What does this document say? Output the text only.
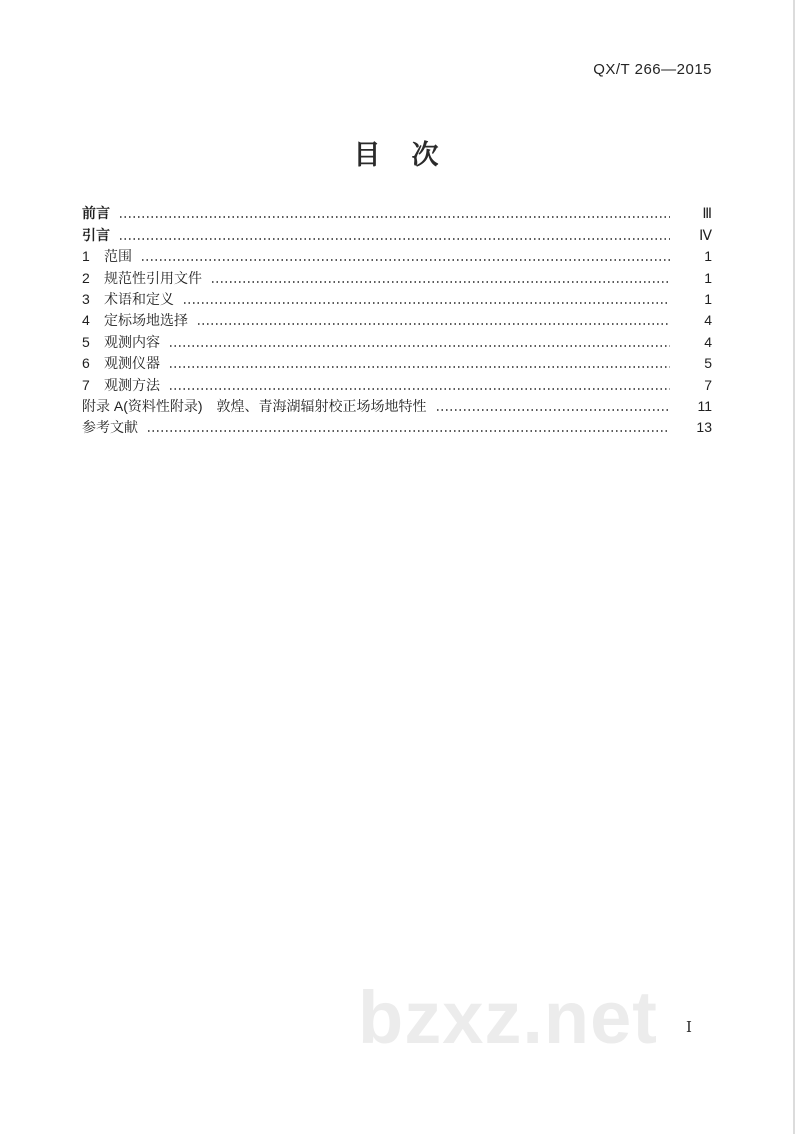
QX/T 266—2015
目　次
前言	Ⅲ
引言	Ⅳ
1	范围	1
2	规范性引用文件	1
3	术语和定义	1
4	定标场地选择	4
5	观测内容	4
6	观测仪器	5
7	观测方法	7
附录 A(资料性附录)　敦煌、青海湖辐射校正场场地特性	11
参考文献	13
bzxz.net Ⅰ
